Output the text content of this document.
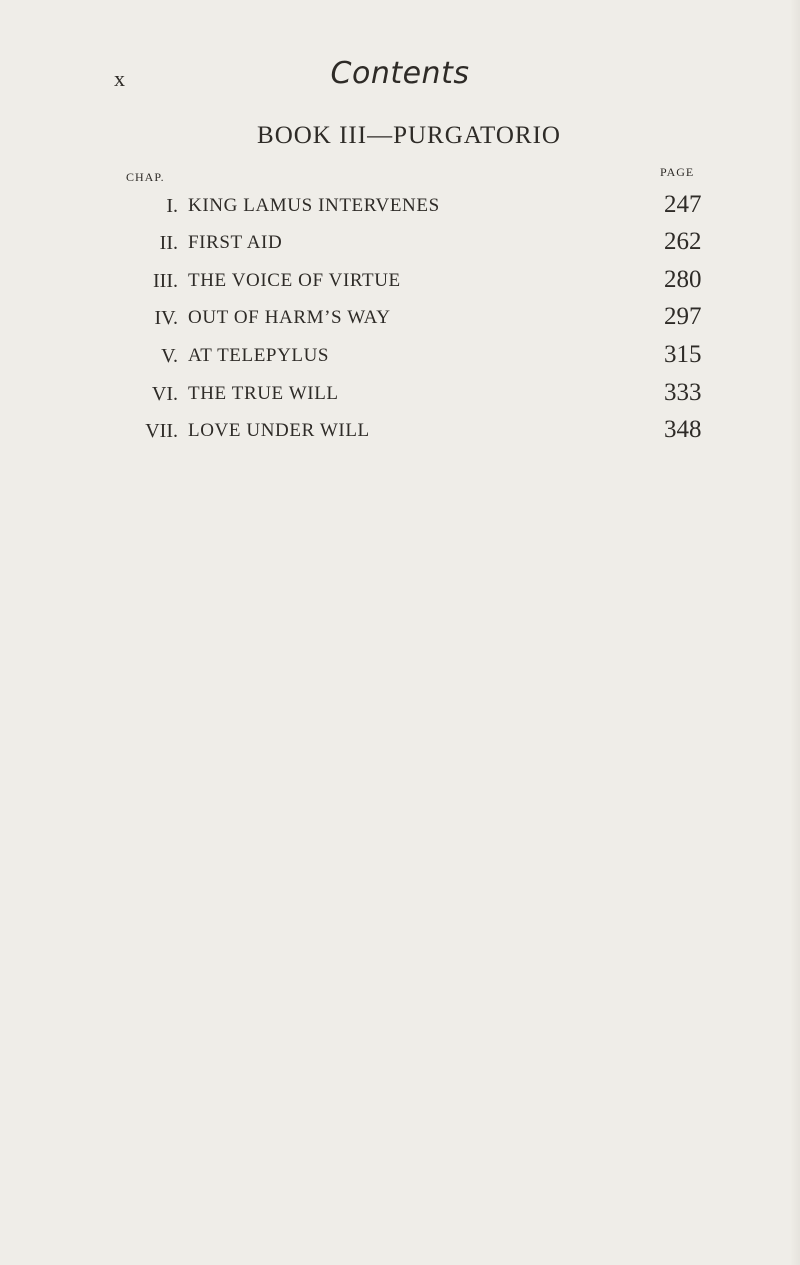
x	Contents
BOOK III—PURGATORIO
CHAP.	PAGE
I. KING LAMUS INTERVENES	247
II. FIRST AID	262
III. THE VOICE OF VIRTUE	280
IV. OUT OF HARM’S WAY	297
V. AT TELEPYLUS	315
VI. THE TRUE WILL	333
VII. LOVE UNDER WILL	348
